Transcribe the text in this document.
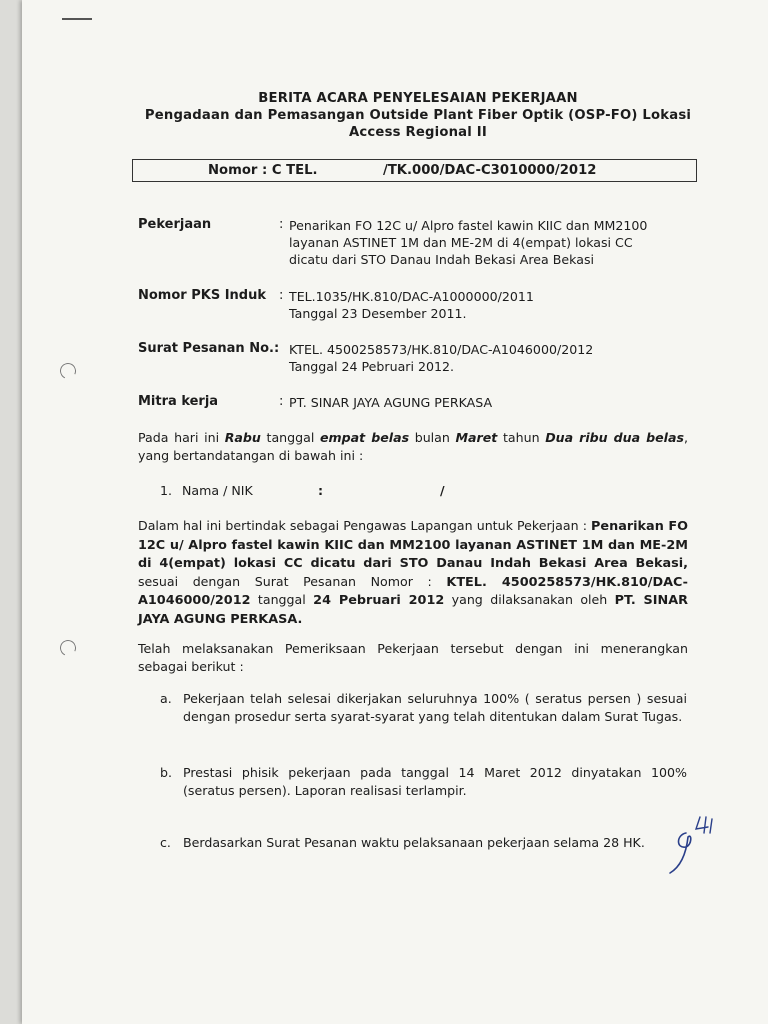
BERITA ACARA PENYELESAIAN PEKERJAAN
Pengadaan dan Pemasangan Outside Plant Fiber Optik (OSP-FO) Lokasi
Access Regional II
Nomor : C TEL.	/TK.000/DAC-C3010000/2012
Pekerjaan	: Penarikan FO 12C u/ Alpro fastel kawin KIIC dan MM2100
layanan ASTINET 1M dan ME-2M di 4(empat) lokasi CC
dicatu dari STO Danau Indah Bekasi Area Bekasi
Nomor PKS Induk : TEL.1035/HK.810/DAC-A1000000/2011
Tanggal 23 Desember 2011.
Surat Pesanan No.: KTEL. 4500258573/HK.810/DAC-A1046000/2012
Tanggal 24 Pebruari 2012.
Mitra kerja	: PT. SINAR JAYA AGUNG PERKASA
Pada hari ini Rabu tanggal empat belas bulan Maret tahun Dua ribu dua belas, yang bertandatangan di bawah ini :
1. Nama / NIK	:	/
Dalam hal ini bertindak sebagai Pengawas Lapangan untuk Pekerjaan : Penarikan FO 12C u/ Alpro fastel kawin KIIC dan MM2100 layanan ASTINET 1M dan ME-2M di 4(empat) lokasi CC dicatu dari STO Danau Indah Bekasi Area Bekasi, sesuai dengan Surat Pesanan Nomor : KTEL. 4500258573/HK.810/DAC-A1046000/2012 tanggal 24 Pebruari 2012 yang dilaksanakan oleh PT. SINAR JAYA AGUNG PERKASA.
Telah melaksanakan Pemeriksaan Pekerjaan tersebut dengan ini menerangkan sebagai berikut :
a. Pekerjaan telah selesai dikerjakan seluruhnya 100% ( seratus persen ) sesuai dengan prosedur serta syarat-syarat yang telah ditentukan dalam Surat Tugas.
b. Prestasi phisik pekerjaan pada tanggal 14 Maret 2012 dinyatakan 100% (seratus persen). Laporan realisasi terlampir.
c. Berdasarkan Surat Pesanan waktu pelaksanaan pekerjaan selama 28 HK.
